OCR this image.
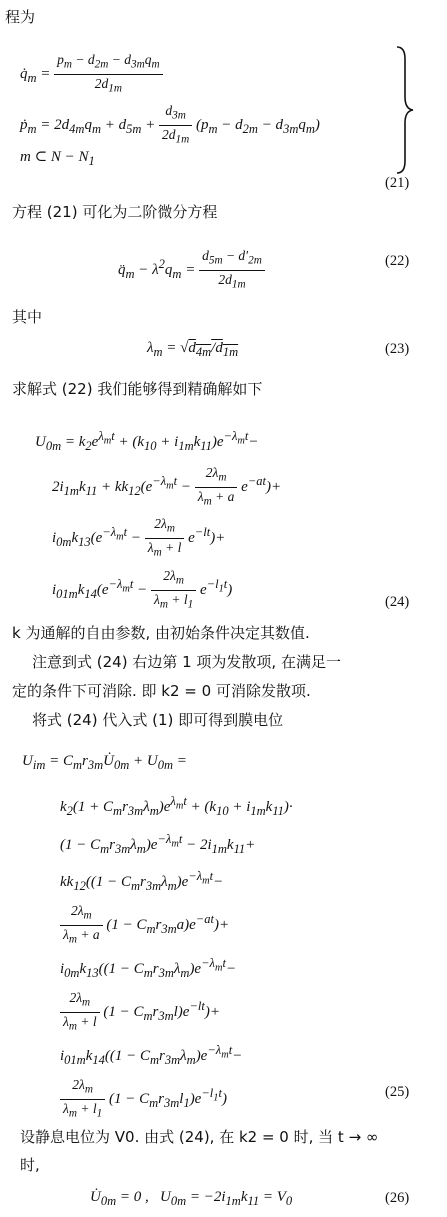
程为
$q̇_m = \frac{p_m - d_{2m} - d_{3m}q_m}{2d_{1m}}$
ṗ$_m$ = $2d_{4m}q_m + d_{5m} + \frac{d_{3m}}{2d_{1m}} (p_m - d_{2m} - d_{3m}q_m)$
m ⊂ $N - N_1$
(21)
方程 (21) 可化为二阶微分方程
$q̈_m - \lambda^2q_m = \frac{d_{5m} - d'_{2m}}{2d_{1m}}$	(22)
其中
$\lambda_m = √d_{4m}/d_{1m}$	(23)
求解式 (22) 我们能够得到精确解如下
$U_{0m} = k_2e^{\lambda_mt} + (k_{10} + i_{1m}k_{11})e^{-\lambda_mt}-$
$2i_{1m}k_{11} + kk_{12}(e^{-\lambda_mt} - \frac{2\lambda_m}{\lambda_m + a} e^{-at})+$
$i_{0m}k_{13}(e^{-\lambda_mt} - \frac{2\lambda_m}{\lambda_m + l} e^{-lt})+$
$i_{01m}k_{14}(e^{-\lambda_mt} - \frac{2\lambda_m}{\lambda_m + l_1} e^{-l_1t})$
(24)
k 为通解的自由参数, 由初始条件决定其数值.
注意到式 (24) 右边第 1 项为发散项, 在满足一
定的条件下可消除. 即 k2 = 0 可消除发散项.
将式 (24) 代入式 (1) 即可得到膜电位
$U_{im}$ = $C_mr_{3m}U̇_{0m} + U_{0m}$ =
$k_2(1 + C_mr_{3m}\lambda_m)e^{\lambda_mt} + (k_{10} + i_{1m}k_{11})\cdot$
$(1 - C_mr_{3m}\lambda_m)e^{-\lambda_mt} - 2i_{1m}k_{11}+$
$kk_{12}((1 - C_mr_{3m}\lambda_m)e^{-\lambda_mt}-$
$\frac{2\lambda_m}{\lambda_m + a} (1 - C_mr_{3m}a)e^{-at})+$
$i_{0m}k_{13}((1 - C_mr_{3m}\lambda_m)e^{-\lambda_mt}-$
$\frac{2\lambda_m}{\lambda_m + l} (1 - C_mr_{3m}l)e^{-lt})+$
$i_{01m}k_{14}((1 - C_mr_{3m}\lambda_m)e^{-\lambda_mt}-$
$\frac{2\lambda_m}{\lambda_m + l_1} (1 - C_mr_{3m}l_1)e^{-l_1t}$)	(25)
设静息电位为 V0. 由式 (24), 在 k2 = 0 时, 当 t → ∞
时,
$U̇_{0m} = 0$ ,   $U_{0m} = -2i_{1m}k_{11} = V_0$	(26)
